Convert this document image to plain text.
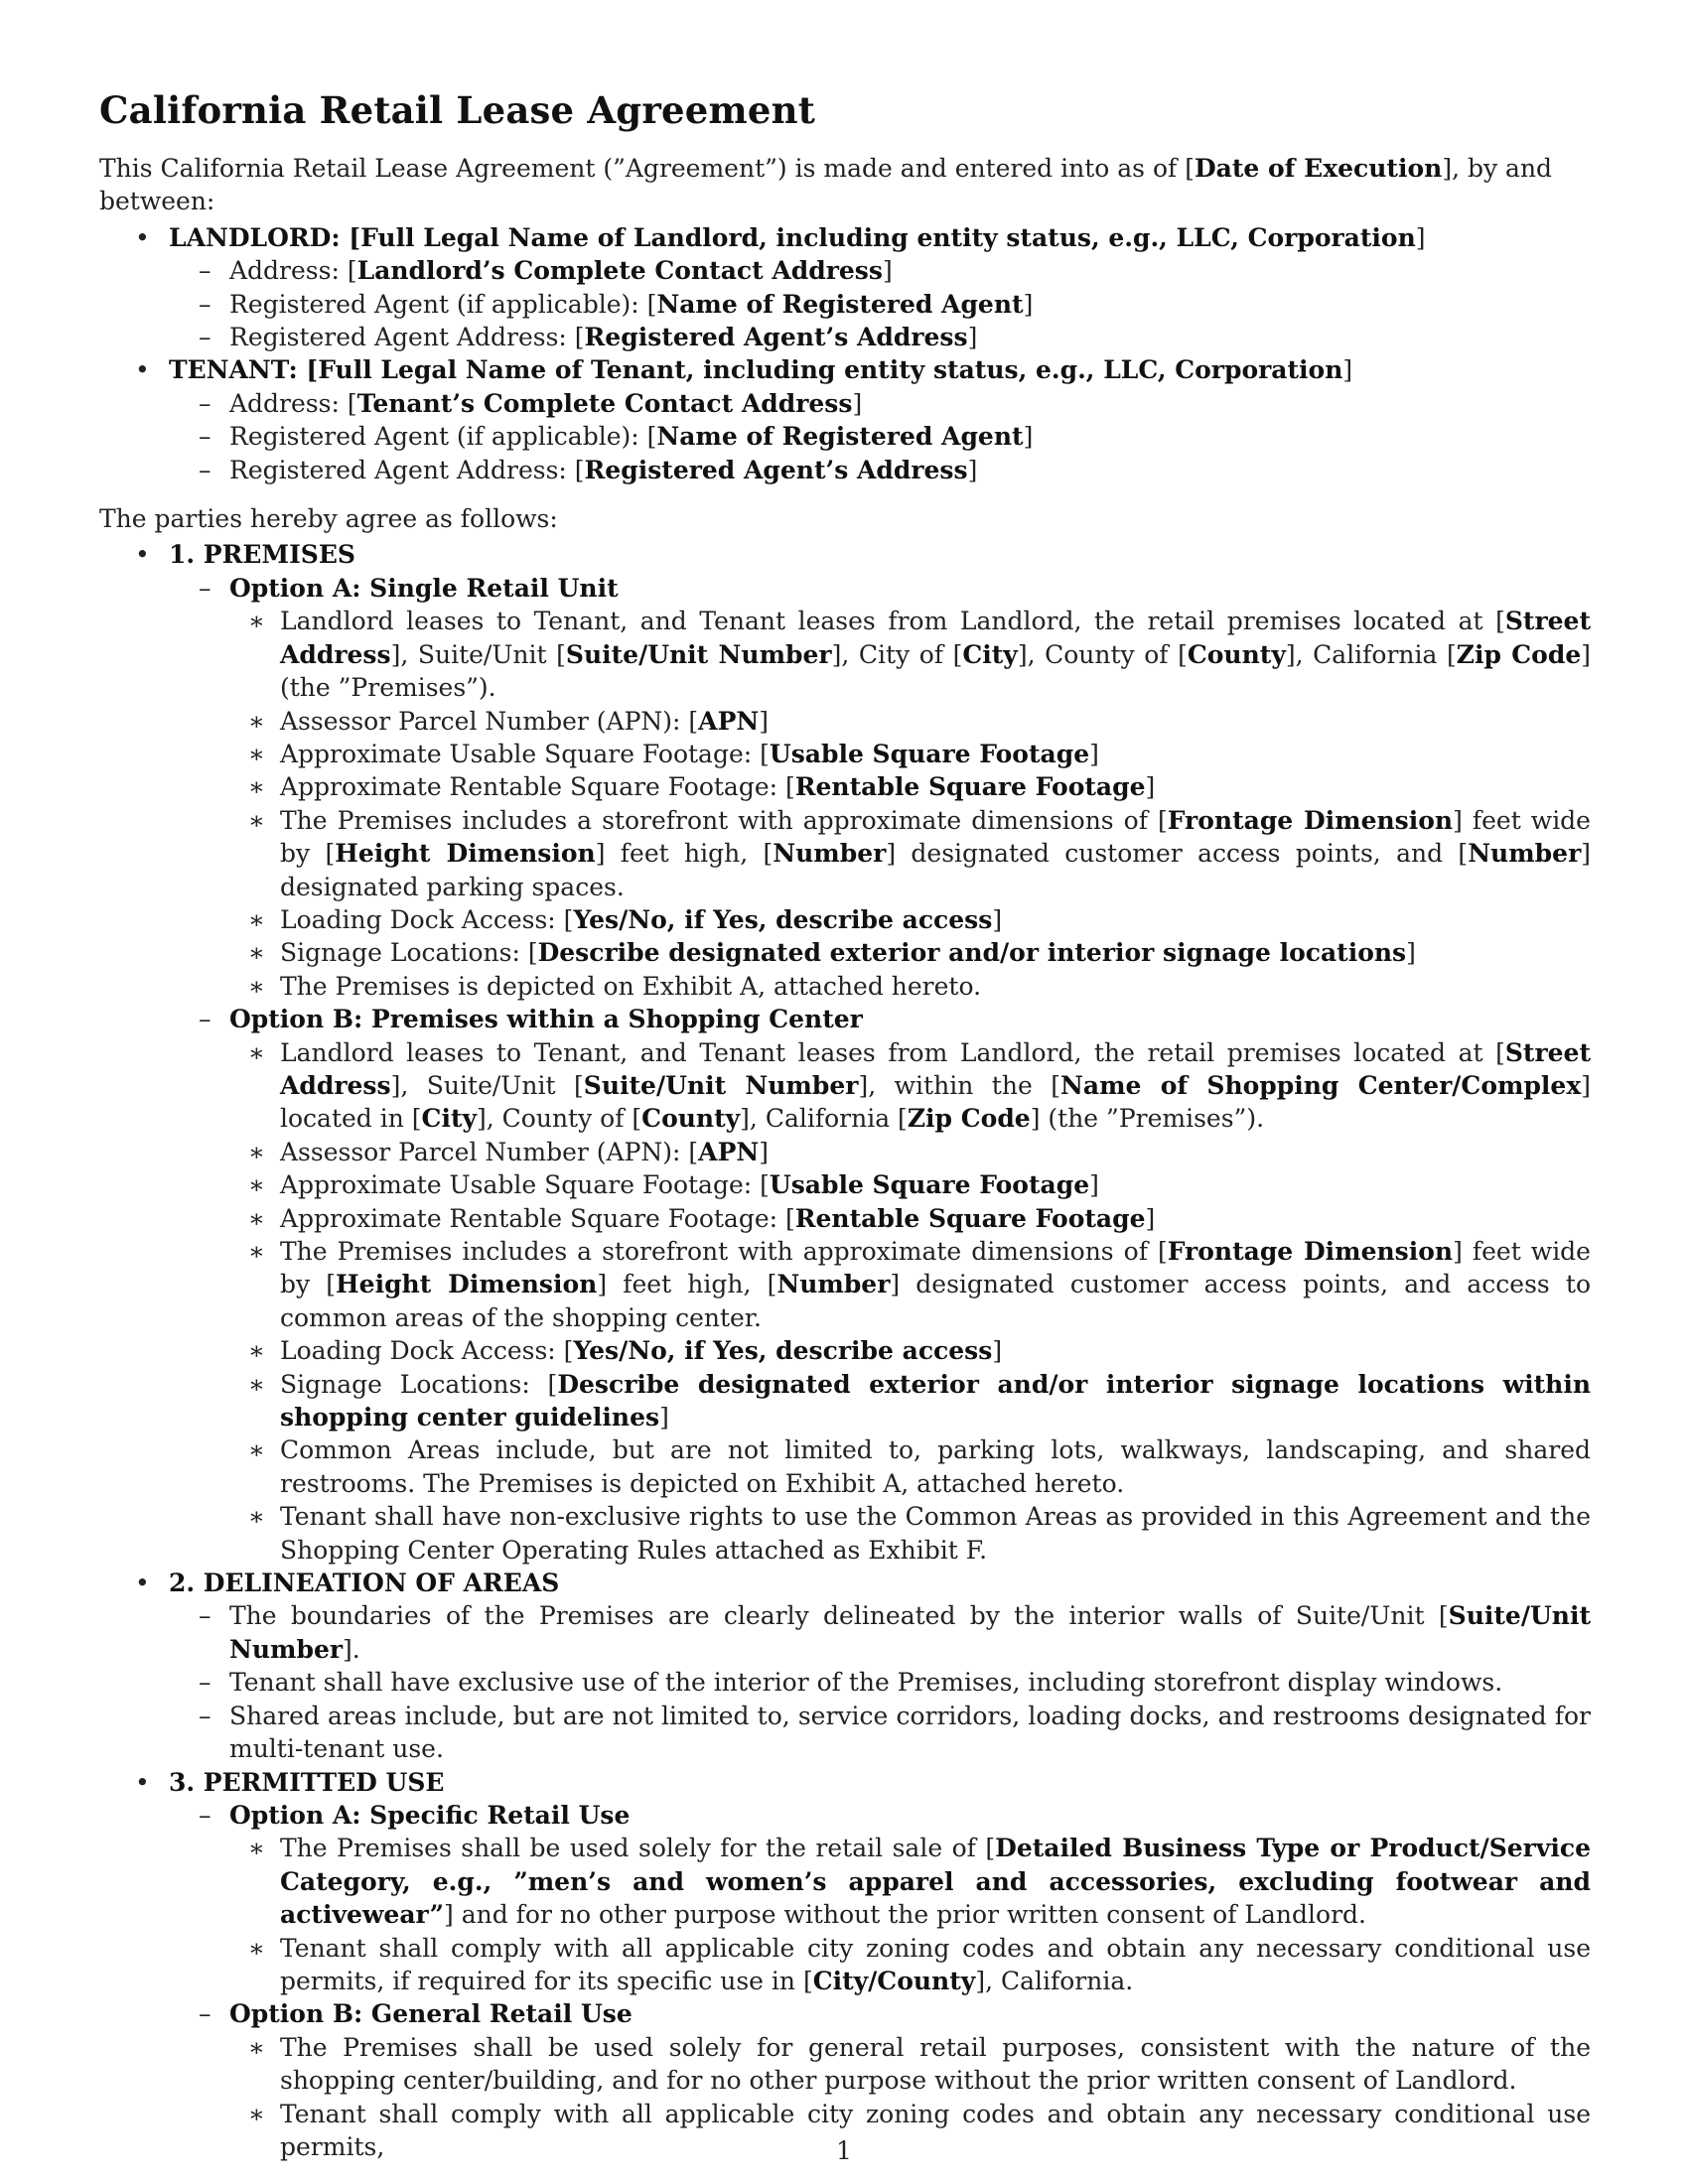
California Retail Lease Agreement

This California Retail Lease Agreement (”Agreement”) is made and entered into as of [Date of Execution], by and between:

• LANDLORD: [Full Legal Name of Landlord, including entity status, e.g., LLC, Corporation]
– Address: [Landlord’s Complete Contact Address]
– Registered Agent (if applicable): [Name of Registered Agent]
– Registered Agent Address: [Registered Agent’s Address]
• TENANT: [Full Legal Name of Tenant, including entity status, e.g., LLC, Corporation]
– Address: [Tenant’s Complete Contact Address]
– Registered Agent (if applicable): [Name of Registered Agent]
– Registered Agent Address: [Registered Agent’s Address]

The parties hereby agree as follows:

• 1. PREMISES
– Option A: Single Retail Unit
∗ Landlord leases to Tenant, and Tenant leases from Landlord, the retail premises located at [Street Address], Suite/Unit [Suite/Unit Number], City of [City], County of [County], California [Zip Code] (the ”Premises”).

∗ Assessor Parcel Number (APN): [APN]

∗ Approximate Usable Square Footage: [Usable Square Footage]

∗ Approximate Rentable Square Footage: [Rentable Square Footage]

∗ The Premises includes a storefront with approximate dimensions of [Frontage Dimension] feet wide by [Height Dimension] feet high, [Number] designated customer access points, and [Number] designated parking spaces.

∗ Loading Dock Access: [Yes/No, if Yes, describe access]

∗ Signage Locations: [Describe designated exterior and/or interior signage locations]

∗ The Premises is depicted on Exhibit A, attached hereto.

– Option B: Premises within a Shopping Center
∗ Landlord leases to Tenant, and Tenant leases from Landlord, the retail premises located at [Street Address], Suite/Unit [Suite/Unit Number], within the [Name of Shopping Center/Complex] located in [City], County of [County], California [Zip Code] (the ”Premises”).

∗ Assessor Parcel Number (APN): [APN]

∗ Approximate Usable Square Footage: [Usable Square Footage]

∗ Approximate Rentable Square Footage: [Rentable Square Footage]

∗ The Premises includes a storefront with approximate dimensions of [Frontage Dimension] feet wide by [Height Dimension] feet high, [Number] designated customer access points, and access to common areas of the shopping center.

∗ Loading Dock Access: [Yes/No, if Yes, describe access]

∗ Signage Locations: [Describe designated exterior and/or interior signage locations within shopping center guidelines]

∗ Common Areas include, but are not limited to, parking lots, walkways, landscaping, and shared restrooms. The Premises is depicted on Exhibit A, attached hereto.

∗ Tenant shall have non-exclusive rights to use the Common Areas as provided in this Agreement and the Shopping Center Operating Rules attached as Exhibit F.

• 2. DELINEATION OF AREAS
– The boundaries of the Premises are clearly delineated by the interior walls of Suite/Unit [Suite/Unit Number].

– Tenant shall have exclusive use of the interior of the Premises, including storefront display windows.

– Shared areas include, but are not limited to, service corridors, loading docks, and restrooms designated for multi-tenant use.

• 3. PERMITTED USE
– Option A: Specific Retail Use
∗ The Premises shall be used solely for the retail sale of [Detailed Business Type or Product/Service Category, e.g., ”men’s and women’s apparel and accessories, excluding footwear and activewear”] and for no other purpose without the prior written consent of Landlord.

∗ Tenant shall comply with all applicable city zoning codes and obtain any necessary conditional use permits, if required for its specific use in [City/County], California.

– Option B: General Retail Use
∗ The Premises shall be used solely for general retail purposes, consistent with the nature of the shopping center/building, and for no other purpose without the prior written consent of Landlord.

∗ Tenant shall comply with all applicable city zoning codes and obtain any necessary conditional use permits,	1
